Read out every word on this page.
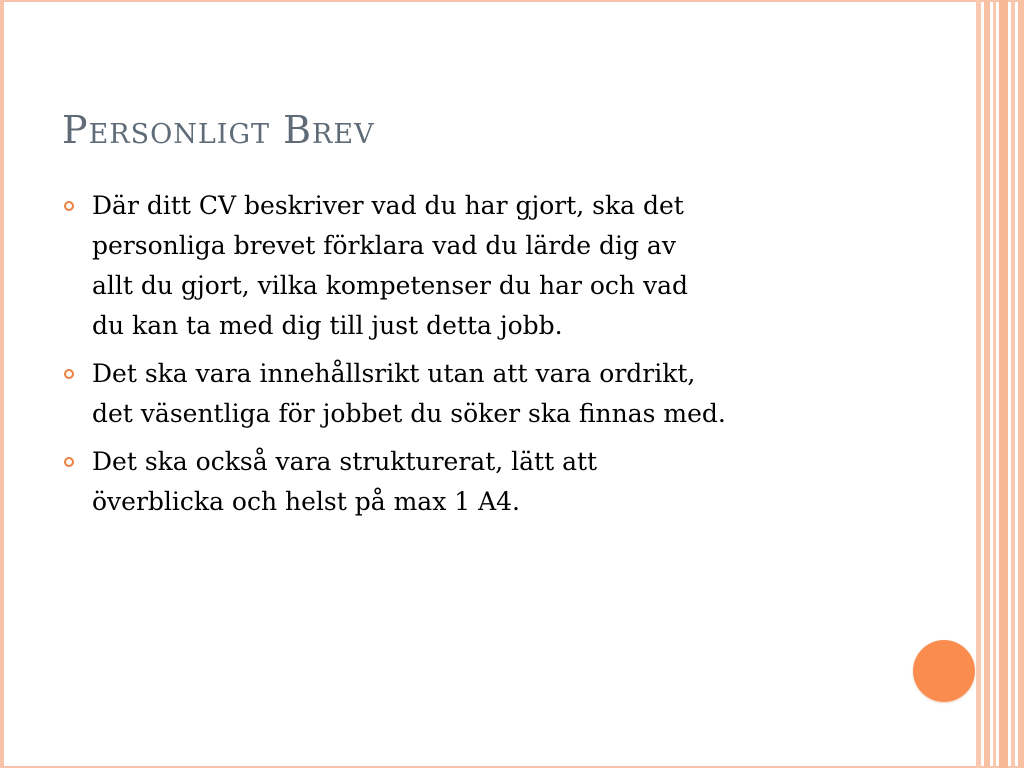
Personligt Brev
Där ditt CV beskriver vad du har gjort, ska det
personliga brevet förklara vad du lärde dig av
allt du gjort, vilka kompetenser du har och vad
du kan ta med dig till just detta jobb.
Det ska vara innehållsrikt utan att vara ordrikt,
det väsentliga för jobbet du söker ska finnas med.
Det ska också vara strukturerat, lätt att
överblicka och helst på max 1 A4.
